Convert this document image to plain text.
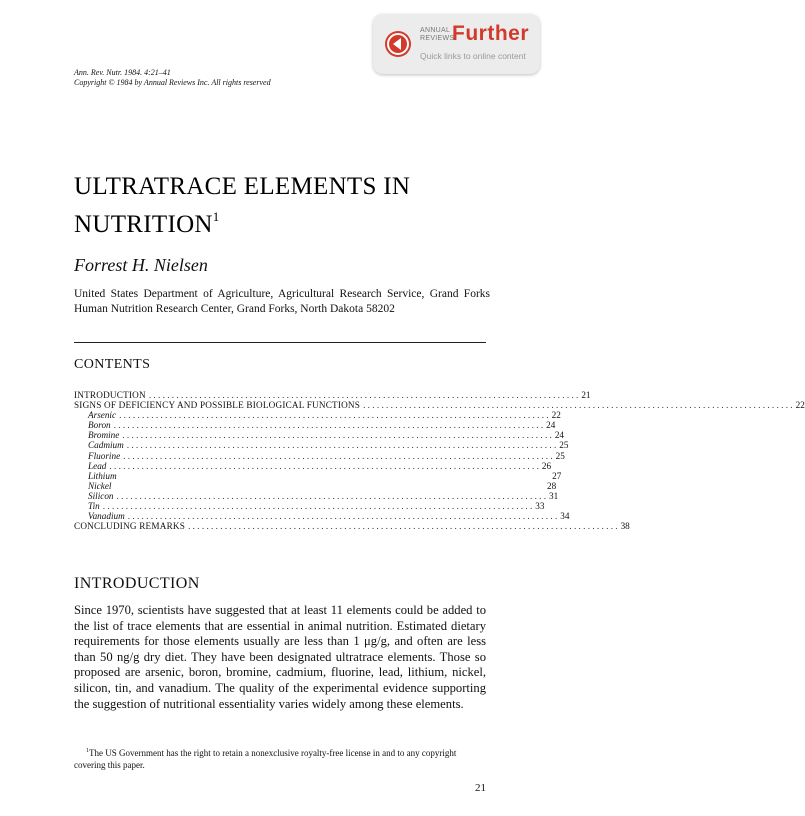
ANNUAL
REVIEWS
Further
Quick links to online content
Ann. Rev. Nutr. 1984. 4:21–41
Copyright © 1984 by Annual Reviews Inc. All rights reserved
ULTRATRACE ELEMENTS IN
NUTRITION$^1$
Forrest H. Nielsen
United States Department of Agriculture, Agricultural Research Service, Grand Forks Human Nutrition Research Center, Grand Forks, North Dakota 58202
CONTENTS
INTRODUCTION . . . . . . . . . . . . . . . . . . . . . . . . . . . . . . . . . . . . . . . . . . . . . . . . . . . . . . . . . . . . . . . . . . . . . . . . . . . . . . . . . . . . . . . . . . . . . . 21
SIGNS OF DEFICIENCY AND POSSIBLE BIOLOGICAL FUNCTIONS . . . . . . . . . . . . . . . . . . . . . . . . . . . . . . . . . . . . . . . . . . . . . . . . . . . . . . . . . . . . . . . . . . . . . . . . . . . . . . . . . . . . . . . . . . . . . . 22
Arsenic . . . . . . . . . . . . . . . . . . . . . . . . . . . . . . . . . . . . . . . . . . . . . . . . . . . . . . . . . . . . . . . . . . . . . . . . . . . . . . . . . . . . . . . . . . . . . . 22
Boron . . . . . . . . . . . . . . . . . . . . . . . . . . . . . . . . . . . . . . . . . . . . . . . . . . . . . . . . . . . . . . . . . . . . . . . . . . . . . . . . . . . . . . . . . . . . . . 24
Bromine . . . . . . . . . . . . . . . . . . . . . . . . . . . . . . . . . . . . . . . . . . . . . . . . . . . . . . . . . . . . . . . . . . . . . . . . . . . . . . . . . . . . . . . . . . . . . . 24
Cadmium . . . . . . . . . . . . . . . . . . . . . . . . . . . . . . . . . . . . . . . . . . . . . . . . . . . . . . . . . . . . . . . . . . . . . . . . . . . . . . . . . . . . . . . . . . . . . . 25
Fluorine . . . . . . . . . . . . . . . . . . . . . . . . . . . . . . . . . . . . . . . . . . . . . . . . . . . . . . . . . . . . . . . . . . . . . . . . . . . . . . . . . . . . . . . . . . . . . . 25
Lead . . . . . . . . . . . . . . . . . . . . . . . . . . . . . . . . . . . . . . . . . . . . . . . . . . . . . . . . . . . . . . . . . . . . . . . . . . . . . . . . . . . . . . . . . . . . . . 26
Lithium	27
Nickel	28
Silicon . . . . . . . . . . . . . . . . . . . . . . . . . . . . . . . . . . . . . . . . . . . . . . . . . . . . . . . . . . . . . . . . . . . . . . . . . . . . . . . . . . . . . . . . . . . . . . 31
Tin . . . . . . . . . . . . . . . . . . . . . . . . . . . . . . . . . . . . . . . . . . . . . . . . . . . . . . . . . . . . . . . . . . . . . . . . . . . . . . . . . . . . . . . . . . . . . . 33
Vanadium . . . . . . . . . . . . . . . . . . . . . . . . . . . . . . . . . . . . . . . . . . . . . . . . . . . . . . . . . . . . . . . . . . . . . . . . . . . . . . . . . . . . . . . . . . . . . . 34
CONCLUDING REMARKS . . . . . . . . . . . . . . . . . . . . . . . . . . . . . . . . . . . . . . . . . . . . . . . . . . . . . . . . . . . . . . . . . . . . . . . . . . . . . . . . . . . . . . . . . . . . . . 38
INTRODUCTION
Since 1970, scientists have suggested that at least 11 elements could be added to the list of trace elements that are essential in animal nutrition. Estimated dietary requirements for those elements usually are less than 1 μg/g, and often are less than 50 ng/g dry diet. They have been designated ultratrace elements. Those so proposed are arsenic, boron, bromine, cadmium, fluorine, lead, lithium, nickel, silicon, tin, and vanadium. The quality of the experimental evidence supporting the suggestion of nutritional essentiality varies widely among these elements.
$^1$The US Government has the right to retain a nonexclusive royalty-free license in and to any copyright covering this paper.
21
